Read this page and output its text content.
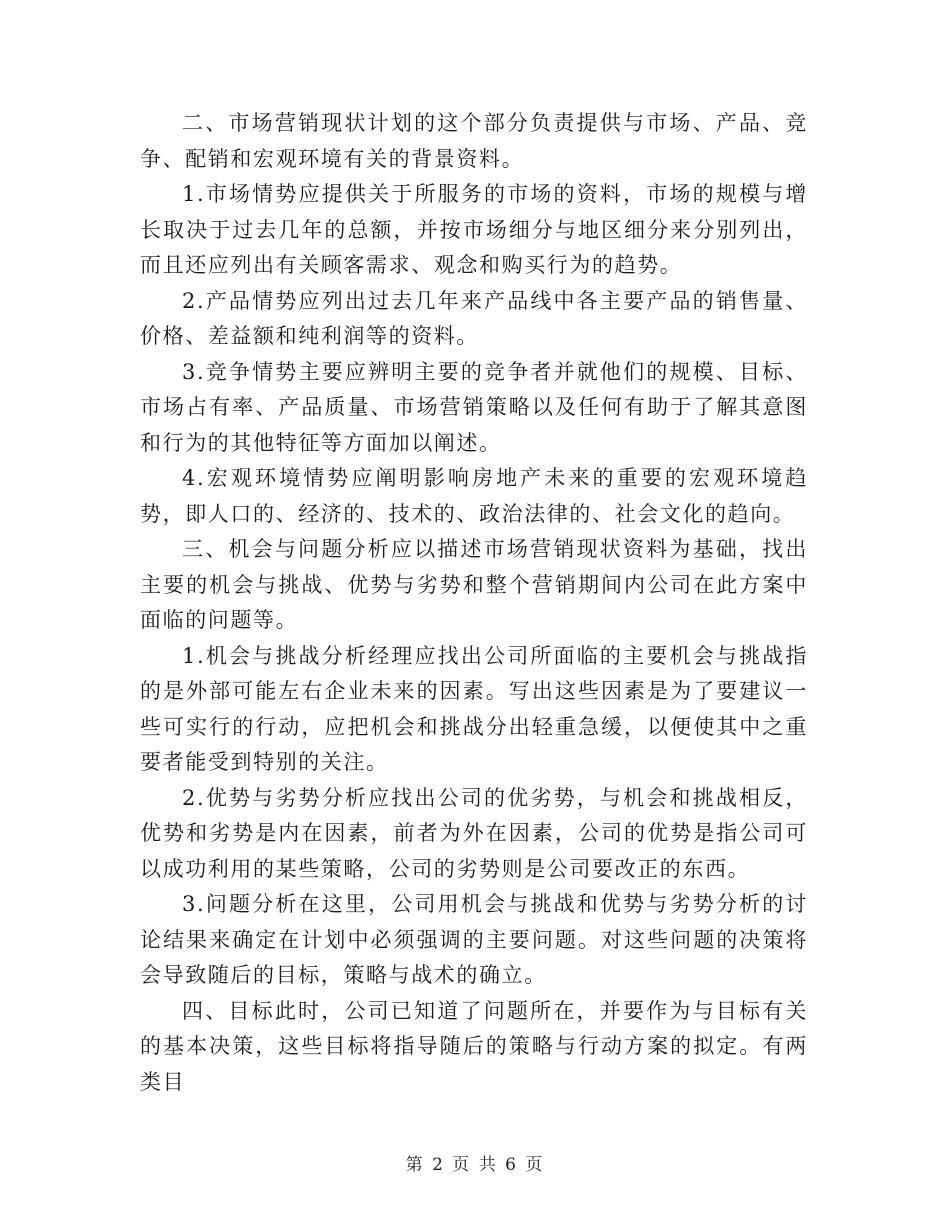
二、市场营销现状计划的这个部分负责提供与市场、产品、竞争、配销和宏观环境有关的背景资料。

1.市场情势应提供关于所服务的市场的资料，市场的规模与增长取决于过去几年的总额，并按市场细分与地区细分来分别列出，而且还应列出有关顾客需求、观念和购买行为的趋势。

2.产品情势应列出过去几年来产品线中各主要产品的销售量、价格、差益额和纯利润等的资料。

3.竞争情势主要应辨明主要的竞争者并就他们的规模、目标、市场占有率、产品质量、市场营销策略以及任何有助于了解其意图和行为的其他特征等方面加以阐述。

4.宏观环境情势应阐明影响房地产未来的重要的宏观环境趋势，即人口的、经济的、技术的、政治法律的、社会文化的趋向。

三、机会与问题分析应以描述市场营销现状资料为基础，找出主要的机会与挑战、优势与劣势和整个营销期间内公司在此方案中面临的问题等。

1.机会与挑战分析经理应找出公司所面临的主要机会与挑战指的是外部可能左右企业未来的因素。写出这些因素是为了要建议一些可实行的行动，应把机会和挑战分出轻重急缓，以便使其中之重要者能受到特别的关注。

2.优势与劣势分析应找出公司的优劣势，与机会和挑战相反，优势和劣势是内在因素，前者为外在因素，公司的优势是指公司可以成功利用的某些策略，公司的劣势则是公司要改正的东西。

3.问题分析在这里，公司用机会与挑战和优势与劣势分析的讨论结果来确定在计划中必须强调的主要问题。对这些问题的决策将会导致随后的目标，策略与战术的确立。

四、目标此时，公司已知道了问题所在，并要作为与目标有关的基本决策，这些目标将指导随后的策略与行动方案的拟定。有两类目

第 2 页 共 6 页
